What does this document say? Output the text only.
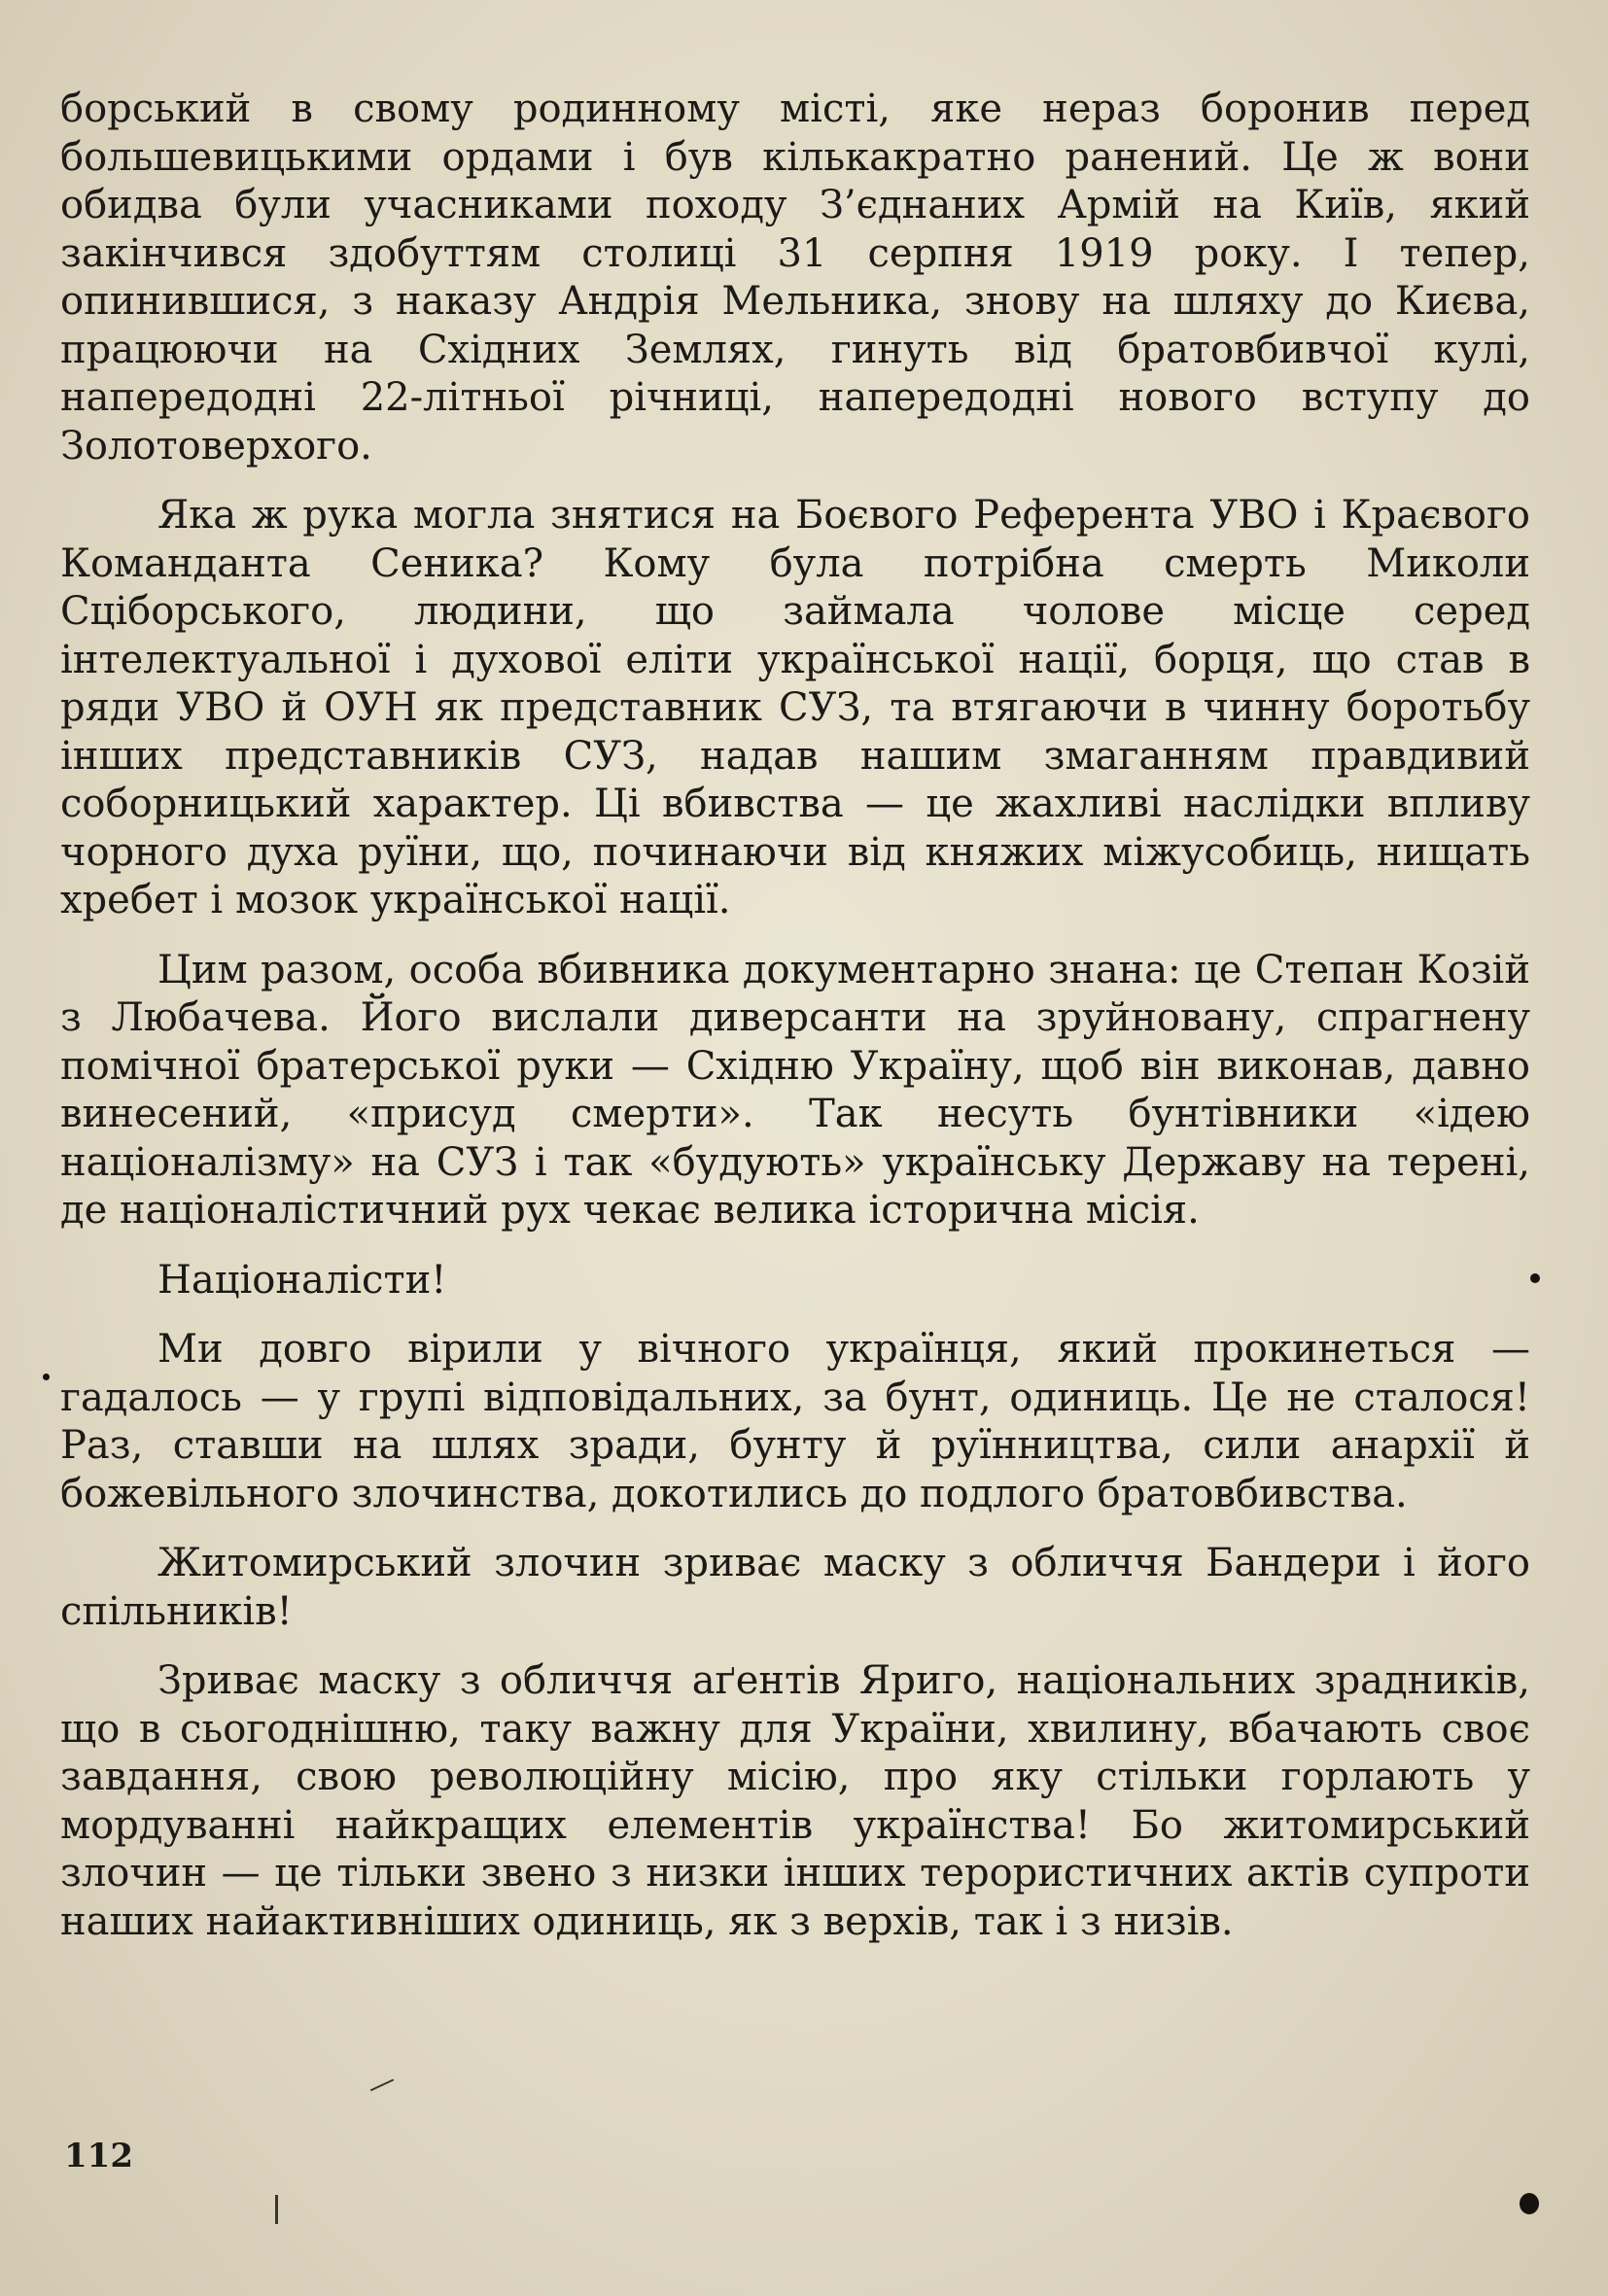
борський в свому родинному місті, яке нераз боронив перед большевицькими ордами і був кількакратно ранений. Це ж вони обидва були учасниками походу З’єднаних Армій на Київ, який закінчився здобуттям столиці 31 серпня 1919 року. І тепер, опинившися, з наказу Андрія Мельника, знову на шляху до Києва, працюючи на Східних Землях, гинуть від братовбивчої кулі, напередодні 22-літньої річниці, напередодні нового вступу до Золотоверхого.

Яка ж рука могла знятися на Боєвого Референта УВО і Краєвого Команданта Сеника? Кому була потрібна смерть Миколи Сціборського, людини, що займала чолове місце серед інтелектуальної і духової еліти української нації, борця, що став в ряди УВО й ОУН як представник СУЗ, та втягаючи в чинну боротьбу інших представників СУЗ, надав нашим змаганням правдивий соборницький характер. Ці вбивства — це жахливі наслідки впливу чорного духа руїни, що, починаючи від княжих міжусобиць, нищать хребет і мозок української нації.

Цим разом, особа вбивника документарно знана: це Степан Козій з Любачева. Його вислали диверсанти на зруйновану, спрагнену помічної братерської руки — Східню Україну, щоб він виконав, давно винесений, «присуд смерти». Так несуть бунтівники «ідею націоналізму» на СУЗ і так «будують» українську Державу на терені, де націоналістичний рух чекає велика історична місія.

Націоналісти!

Ми довго вірили у вічного українця, який прокинеться — гадалось — у групі відповідальних, за бунт, одиниць. Це не сталося! Раз, ставши на шлях зради, бунту й руїнництва, сили анархії й божевільного злочинства, докотились до подлого братовбивства.

Житомирський злочин зриває маску з обличчя Бандери і його спільників!

Зриває маску з обличчя аґентів Яриго, національних зрадників, що в сьогоднішню, таку важну для України, хвилину, вбачають своє завдання, свою революційну місію, про яку стільки горлають у мордуванні найкращих елементів українства! Бо житомирський злочин — це тільки звено з низки інших терористичних актів супроти наших найактивніших одиниць, як з верхів, так і з низів.

112
